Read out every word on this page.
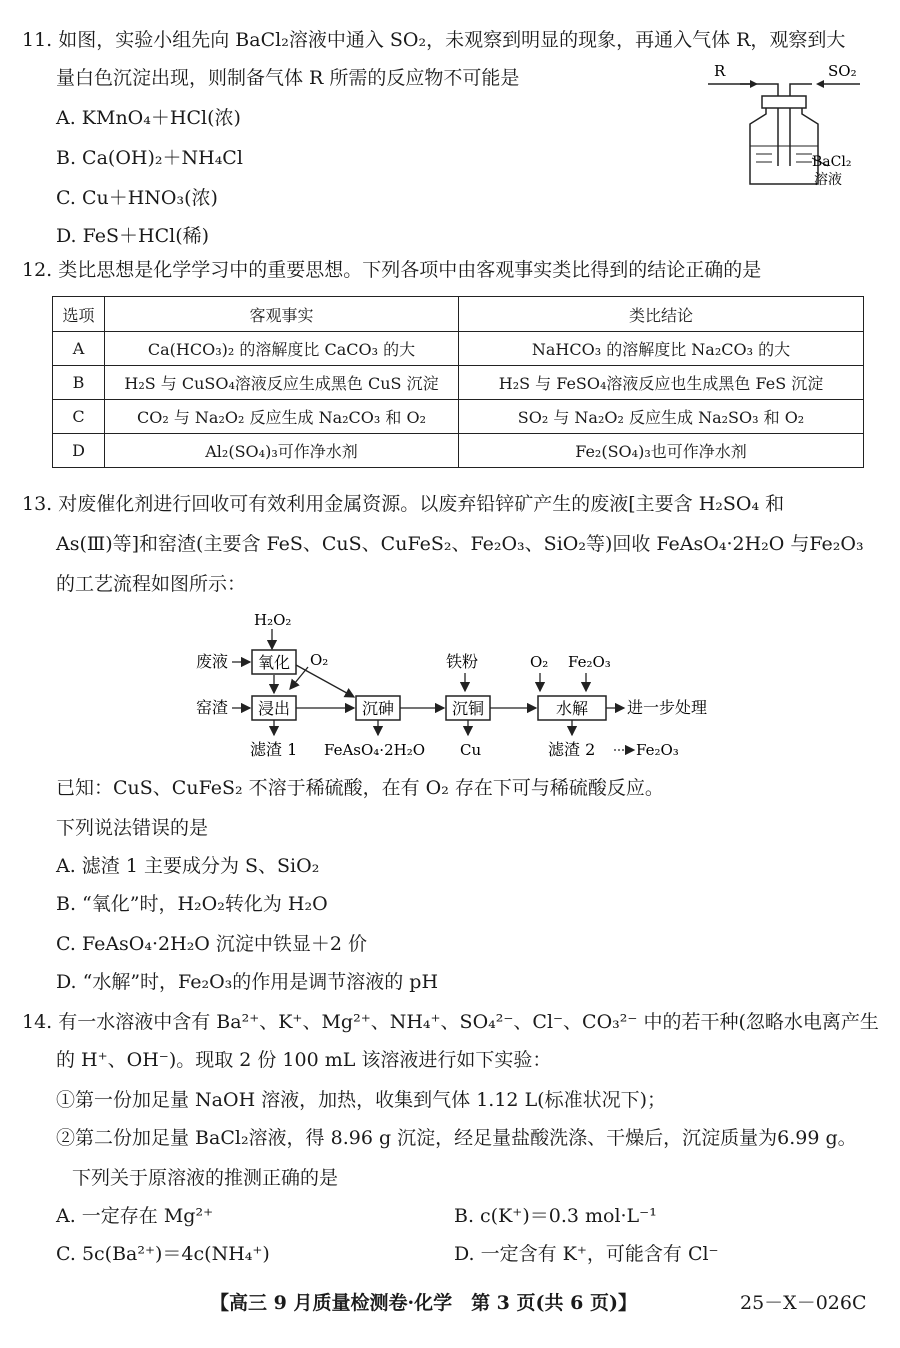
11. 如图，实验小组先向 BaCl₂溶液中通入 SO₂，未观察到明显的现象，再通入气体 R，观察到大
量白色沉淀出现，则制备气体 R 所需的反应物不可能是
A. KMnO₄＋HCl(浓)
B. Ca(OH)₂＋NH₄Cl
C. Cu＋HNO₃(浓)
D. FeS＋HCl(稀)
R	SO₂
BaCl₂
溶液
12. 类比思想是化学学习中的重要思想。下列各项中由客观事实类比得到的结论正确的是
选项	客观事实	类比结论
A	Ca(HCO₃)₂ 的溶解度比 CaCO₃ 的大	NaHCO₃ 的溶解度比 Na₂CO₃ 的大
B	H₂S 与 CuSO₄溶液反应生成黑色 CuS 沉淀	H₂S 与 FeSO₄溶液反应也生成黑色 FeS 沉淀
C	CO₂ 与 Na₂O₂ 反应生成 Na₂CO₃ 和 O₂	SO₂ 与 Na₂O₂ 反应生成 Na₂SO₃ 和 O₂
D	Al₂(SO₄)₃可作净水剂	Fe₂(SO₄)₃也可作净水剂
13. 对废催化剂进行回收可有效利用金属资源。以废弃铅锌矿产生的废液[主要含 H₂SO₄ 和
As(Ⅲ)等]和窑渣(主要含 FeS、CuS、CuFeS₂、Fe₂O₃、SiO₂等)回收 FeAsO₄·2H₂O 与Fe₂O₃
的工艺流程如图所示：
H₂O₂
废液 氧化 O₂	铁粉	O₂ Fe₂O₃
窑渣 浸出	沉砷	沉铜	水解 进一步处理
滤渣 1 FeAsO₄·2H₂O Cu	滤渣 2	Fe₂O₃
已知：CuS、CuFeS₂ 不溶于稀硫酸，在有 O₂ 存在下可与稀硫酸反应。
下列说法错误的是
A. 滤渣 1 主要成分为 S、SiO₂
B. “氧化”时，H₂O₂转化为 H₂O
C. FeAsO₄·2H₂O 沉淀中铁显＋2 价
D. “水解”时，Fe₂O₃的作用是调节溶液的 pH
14. 有一水溶液中含有 Ba²⁺、K⁺、Mg²⁺、NH₄⁺、SO₄²⁻、Cl⁻、CO₃²⁻ 中的若干种(忽略水电离产生
的 H⁺、OH⁻)。现取 2 份 100 mL 该溶液进行如下实验：
①第一份加足量 NaOH 溶液，加热，收集到气体 1.12 L(标准状况下)；
②第二份加足量 BaCl₂溶液，得 8.96 g 沉淀，经足量盐酸洗涤、干燥后，沉淀质量为6.99 g。
下列关于原溶液的推测正确的是
A. 一定存在 Mg²⁺	B. c(K⁺)＝0.3 mol·L⁻¹
C. 5c(Ba²⁺)＝4c(NH₄⁺)	D. 一定含有 K⁺，可能含有 Cl⁻
【高三 9 月质量检测卷·化学　第 3 页(共 6 页)】	25－X－026C
